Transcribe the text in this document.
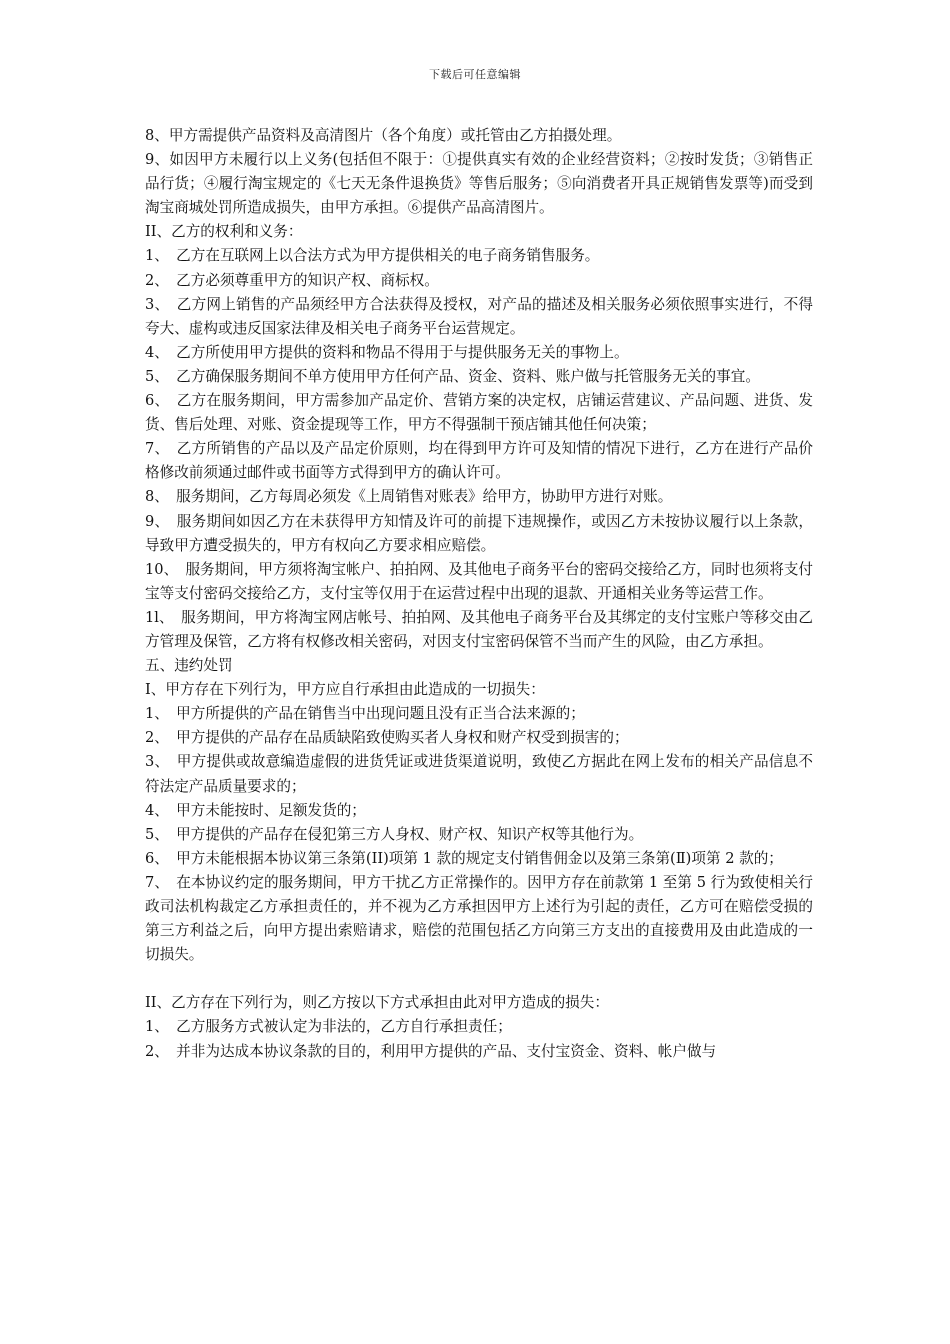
下载后可任意编辑

8、甲方需提供产品资料及高清图片（各个角度）或托管由乙方拍摄处理。

9、如因甲方未履行以上义务(包括但不限于：①提供真实有效的企业经营资料；②按时发货；③销售正品行货；④履行淘宝规定的《七天无条件退换货》等售后服务；⑤向消费者开具正规销售发票等)而受到淘宝商城处罚所造成损失，由甲方承担。⑥提供产品高清图片。

II、乙方的权利和义务：

1、　乙方在互联网上以合法方式为甲方提供相关的电子商务销售服务。

2、　乙方必须尊重甲方的知识产权、商标权。

3、　乙方网上销售的产品须经甲方合法获得及授权，对产品的描述及相关服务必须依照事实进行，不得夸大、虚构或违反国家法律及相关电子商务平台运营规定。

4、　乙方所使用甲方提供的资料和物品不得用于与提供服务无关的事物上。

5、　乙方确保服务期间不单方使用甲方任何产品、资金、资料、账户做与托管服务无关的事宜。

6、　乙方在服务期间，甲方需参加产品定价、营销方案的决定权，店铺运营建议、产品问题、进货、发货、售后处理、对账、资金提现等工作，甲方不得强制干预店铺其他任何决策；

7、　乙方所销售的产品以及产品定价原则，均在得到甲方许可及知情的情况下进行，乙方在进行产品价格修改前须通过邮件或书面等方式得到甲方的确认许可。

8、　服务期间，乙方每周必须发《上周销售对账表》给甲方，协助甲方进行对账。

9、　服务期间如因乙方在未获得甲方知情及许可的前提下违规操作，或因乙方未按协议履行以上条款，导致甲方遭受损失的，甲方有权向乙方要求相应赔偿。

10、　服务期间，甲方须将淘宝帐户、拍拍网、及其他电子商务平台的密码交接给乙方，同时也须将支付宝等支付密码交接给乙方，支付宝等仅用于在运营过程中出现的退款、开通相关业务等运营工作。

1l、　服务期间，甲方将淘宝网店帐号、拍拍网、及其他电子商务平台及其绑定的支付宝账户等移交由乙方管理及保管，乙方将有权修改相关密码，对因支付宝密码保管不当而产生的风险，由乙方承担。

五、违约处罚

I、甲方存在下列行为，甲方应自行承担由此造成的一切损失：

1、　甲方所提供的产品在销售当中出现问题且没有正当合法来源的；

2、　甲方提供的产品存在品质缺陷致使购买者人身权和财产权受到损害的；

3、　甲方提供或故意编造虚假的进货凭证或进货渠道说明，致使乙方据此在网上发布的相关产品信息不符法定产品质量要求的；

4、　甲方未能按时、足额发货的；

5、　甲方提供的产品存在侵犯第三方人身权、财产权、知识产权等其他行为。

6、　甲方未能根据本协议第三条第(II)项第 1 款的规定支付销售佣金以及第三条第(Ⅱ)项第 2 款的；

7、　在本协议约定的服务期间，甲方干扰乙方正常操作的。因甲方存在前款第 1 至第 5 行为致使相关行政司法机构裁定乙方承担责任的，并不视为乙方承担因甲方上述行为引起的责任，乙方可在赔偿受损的第三方利益之后，向甲方提出索赔请求，赔偿的范围包括乙方向第三方支出的直接费用及由此造成的一切损失。

II、乙方存在下列行为，则乙方按以下方式承担由此对甲方造成的损失：

1、　乙方服务方式被认定为非法的，乙方自行承担责任；

2、　并非为达成本协议条款的目的，利用甲方提供的产品、支付宝资金、资料、帐户做与
